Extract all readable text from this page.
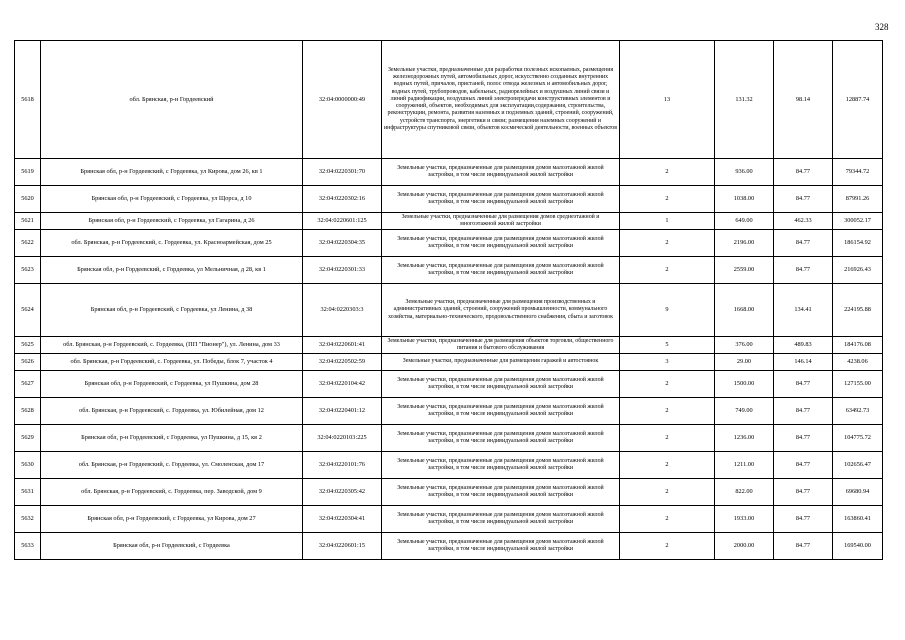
328
5618	обл. Брянская, р-н Гордеевский	32:04:0000000:49	Земельные участки, предназначенные для разработки полезных ископаемых, размещения железнодорожных путей, автомобильных дорог, искусственно созданных внутренних водных путей, причалов, пристаней, полос отвода железных и автомобильных дорог, водных путей, трубопроводов, кабельных, радиорелейных и воздушных линий связи и линий радиофикации, воздушных линий электропередачи конструктивных элементов и сооружений, объектов, необходимых для эксплуатации,содержания, строительства, реконструкции, ремонта, развития наземных и подземных зданий, строений, сооружений, устройств транспорта, энергетики и связи; размещения наземных сооружений и инфраструктуры спутниковой связи, объектов космической деятельности, военных объектов	13	131.32	98.14	12887.74
5619	Брянская обл, р-н Гордеевский, с Гордеевка, ул Кирова, дом 26, кв 1	32:04:0220301:70	Земельные участки, предназначенные для размещения домов малоэтажной жилой застройки, в том числе индивидуальной жилой застройки	2	936.00	84.77	79344.72
5620	Брянская обл, р-н Гордеевский, с Гордеевка, ул Щорса, д 10	32:04:0220302:16	Земельные участки, предназначенные для размещения домов малоэтажной жилой застройки, в том числе индивидуальной жилой застройки	2	1038.00	84.77	87991.26
5621	Брянская обл, р-н Гордеевский, с Гордеевка, ул Гагарина, д 26	32:04:0220601:125	Земельные участки, предназначенные для размещения домов среднеэтажной и многоэтажной жилой застройки	1	649.00	462.33	300052.17
5622	обл. Брянская, р-н Гордеевский, с. Гордеевка, ул. Красноармейская, дом 25	32:04:0220304:35	Земельные участки, предназначенные для размещения домов малоэтажной жилой застройки, в том числе индивидуальной жилой застройки	2	2196.00	84.77	186154.92
5623	Брянская обл, р-н Гордеевский, с Гордеевка, ул Мельничная, д 28, кв 1	32:04:0220301:33	Земельные участки, предназначенные для размещения домов малоэтажной жилой застройки, в том числе индивидуальной жилой застройки	2	2559.00	84.77	216926.43
5624	Брянская обл, р-н Гордеевский, с Гордеевка, ул Ленина, д 38	32:04:0220303:3	Земельные участки, предназначенные для размещения производственных и административных зданий, строений, сооружений промышленности, коммунального хозяйства, материально-технического, продовольственного снабжения, сбыта и заготовок	9	1668.00	134.41	224195.88
5625	обл. Брянская, р-н Гордеевский, с. Гордеевка, (ПП "Пионер"), ул. Ленина, дом 33	32:04:0220601:41	Земельные участки, предназначенные для размещения объектов торговли, общественного питания и бытового обслуживания	5	376.00	489.83	184176.08
5626	обл. Брянская, р-н Гордеевский, с. Гордеевка, ул. Победы, блок 7, участок 4	32:04:0220502:59	Земельные участки, предназначенные для размещения гаражей и автостоянок	3	29.00	146.14	4238.06
5627	Брянская обл, р-н Гордеевский, с Гордеевка, ул Пушкина, дом 28	32:04:0220104:42	Земельные участки, предназначенные для размещения домов малоэтажной жилой застройки, в том числе индивидуальной жилой застройки	2	1500.00	84.77	127155.00
5628	обл. Брянская, р-н Гордеевский, с. Гордеевка, ул. Юбилейная, дом 12	32:04:0220401:12	Земельные участки, предназначенные для размещения домов малоэтажной жилой застройки, в том числе индивидуальной жилой застройки	2	749.00	84.77	63492.73
5629	Брянская обл, р-н Гордеевский, с Гордеевка, ул Пушкина, д 15, кв 2	32:04:0220103:225	Земельные участки, предназначенные для размещения домов малоэтажной жилой застройки, в том числе индивидуальной жилой застройки	2	1236.00	84.77	104775.72
5630	обл. Брянская, р-н Гордеевский, с. Гордеевка, ул. Смоленская, дом 17	32:04:0220101:76	Земельные участки, предназначенные для размещения домов малоэтажной жилой застройки, в том числе индивидуальной жилой застройки	2	1211.00	84.77	102656.47
5631	обл. Брянская, р-н Гордеевский, с. Гордеевка, пер. Заводской, дом 9	32:04:0220305:42	Земельные участки, предназначенные для размещения домов малоэтажной жилой застройки, в том числе индивидуальной жилой застройки	2	822.00	84.77	69680.94
5632	Брянская обл, р-н Гордеевский, с Гордеевка, ул Кирова, дом 27	32:04:0220304:41	Земельные участки, предназначенные для размещения домов малоэтажной жилой застройки, в том числе индивидуальной жилой застройки	2	1933.00	84.77	163860.41
5633	Брянская обл, р-н Гордеевский, с Гордеевка	32:04:0220601:15	Земельные участки, предназначенные для размещения домов малоэтажной жилой застройки, в том числе индивидуальной жилой застройки	2	2000.00	84.77	169540.00
